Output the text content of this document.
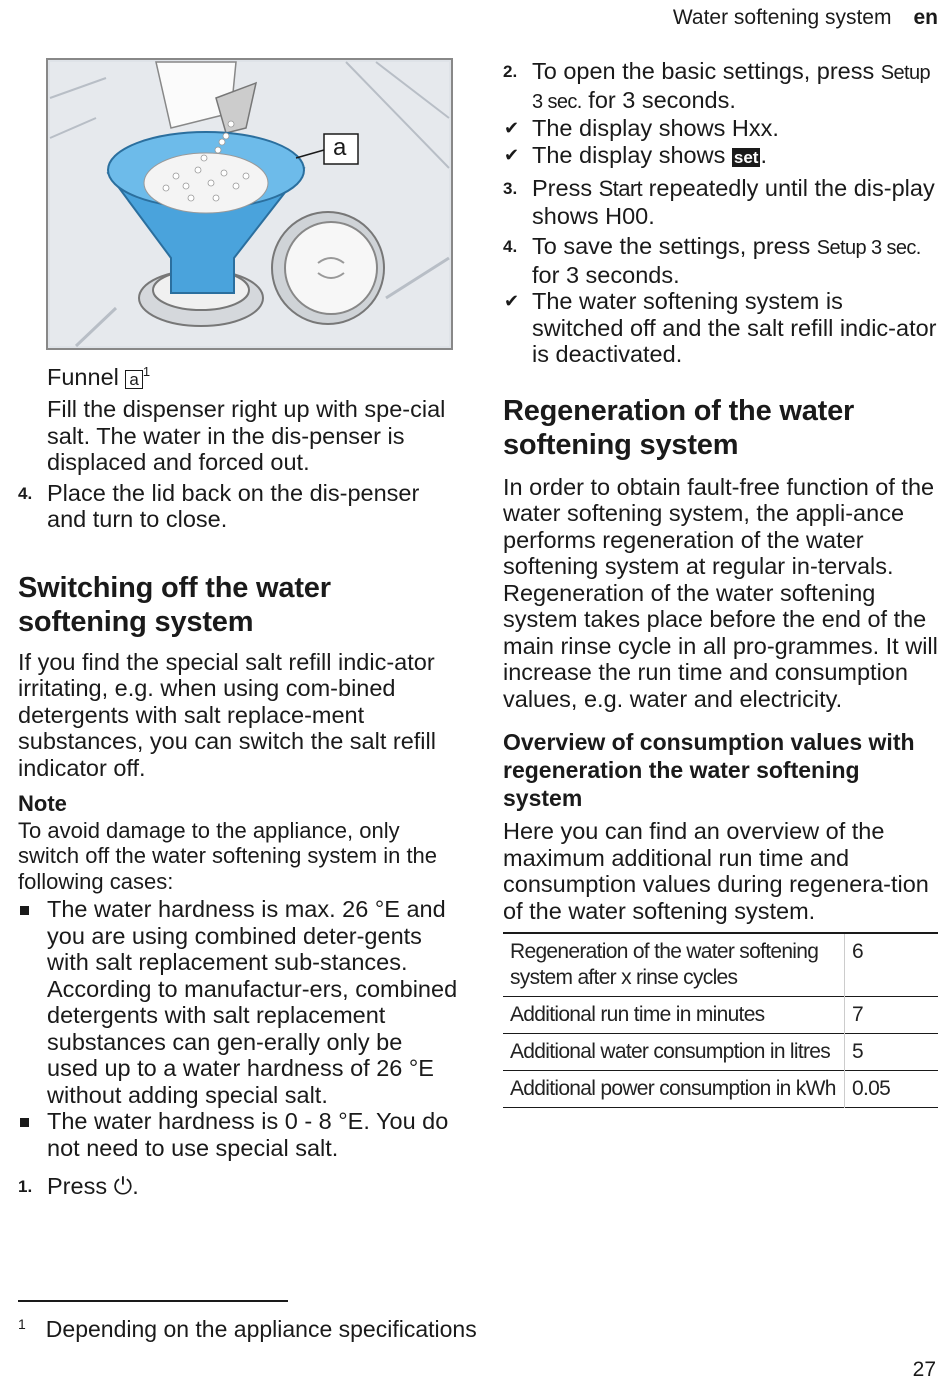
Water softening system en
a
Funnel a $^1$

Fill the dispenser right up with spe-cial salt. The water in the dis-penser is displaced and forced out.

4. Place the lid back on the dis-penser and turn to close.
Switching off the water softening system

If you find the special salt refill indic-ator irritating, e.g. when using com-bined detergents with salt replace-ment substances, you can switch the salt refill indicator off.

Note

To avoid damage to the appliance, only switch off the water softening system in the following cases:

The water hardness is max. 26 °E and you are using combined deter-gents with salt replacement sub-stances. According to manufactur-ers, combined detergents with salt replacement substances can gen-erally only be used up to a water hardness of 26 °E without adding special salt.
The water hardness is 0 - 8 °E. You do not need to use special salt.
1. Press ⏻.
2. To open the basic settings, press Setup 3 sec. for 3 seconds.
✔ The display shows Hxx.
✔ The display shows set.
3. Press Start repeatedly until the dis-play shows H00.
4. To save the settings, press Setup 3 sec. for 3 seconds.
✔ The water softening system is switched off and the salt refill indic-ator is deactivated.
Regeneration of the water softening system

In order to obtain fault-free function of the water softening system, the appli-ance performs regeneration of the water softening system at regular in-tervals.

Regeneration of the water softening system takes place before the end of the main rinse cycle in all pro-grammes. It will increase the run time and consumption values, e.g. water and electricity.

Overview of consumption values with regeneration the water softening system

Here you can find an overview of the maximum additional run time and consumption values during regenera-tion of the water softening system.

Regeneration of the water softening system after x rinse cycles	6
Additional run time in minutes	7
Additional water consumption in litres	5
Additional power consumption in kWh	0.05
$^1$ Depending on the appliance specifications
27
